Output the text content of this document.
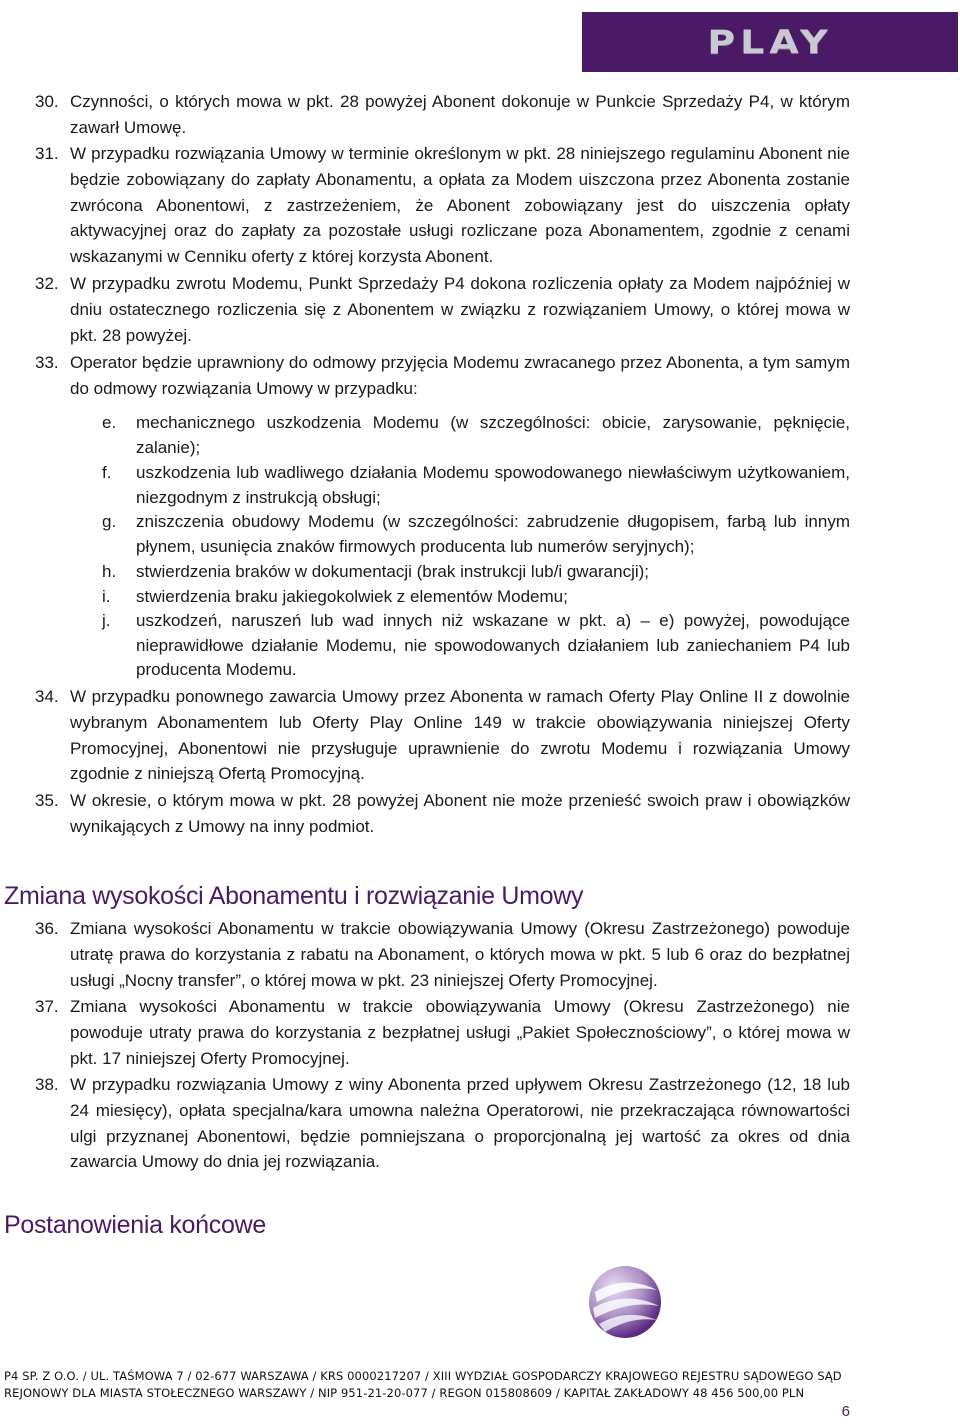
PLAY
30. Czynności, o których mowa w pkt. 28 powyżej Abonent dokonuje w Punkcie Sprzedaży P4, w którym zawarł Umowę.
31. W przypadku rozwiązania Umowy w terminie określonym w pkt. 28 niniejszego regulaminu Abonent nie będzie zobowiązany do zapłaty Abonamentu, a opłata za Modem uiszczona przez Abonenta zostanie zwrócona Abonentowi, z zastrzeżeniem, że Abonent zobowiązany jest do uiszczenia opłaty aktywacyjnej oraz do zapłaty za pozostałe usługi rozliczane poza Abonamentem, zgodnie z cenami wskazanymi w Cenniku oferty z której korzysta Abonent.
32. W przypadku zwrotu Modemu, Punkt Sprzedaży P4 dokona rozliczenia opłaty za Modem najpóźniej w dniu ostatecznego rozliczenia się z Abonentem w związku z rozwiązaniem Umowy, o której mowa w pkt. 28 powyżej.
33. Operator będzie uprawniony do odmowy przyjęcia Modemu zwracanego przez Abonenta, a tym samym do odmowy rozwiązania Umowy w przypadku:
e. mechanicznego uszkodzenia Modemu (w szczególności: obicie, zarysowanie, pęknięcie, zalanie);
f. uszkodzenia lub wadliwego działania Modemu spowodowanego niewłaściwym użytkowaniem, niezgodnym z instrukcją obsługi;
g. zniszczenia obudowy Modemu (w szczególności: zabrudzenie długopisem, farbą lub innym płynem, usunięcia znaków firmowych producenta lub numerów seryjnych);
h. stwierdzenia braków w dokumentacji (brak instrukcji lub/i gwarancji);
i. stwierdzenia braku jakiegokolwiek z elementów Modemu;
j. uszkodzeń, naruszeń lub wad innych niż wskazane w pkt. a) – e) powyżej, powodujące nieprawidłowe działanie Modemu, nie spowodowanych działaniem lub zaniechaniem P4 lub producenta Modemu.
34. W przypadku ponownego zawarcia Umowy przez Abonenta w ramach Oferty Play Online II z dowolnie wybranym Abonamentem lub Oferty Play Online 149 w trakcie obowiązywania niniejszej Oferty Promocyjnej, Abonentowi nie przysługuje uprawnienie do zwrotu Modemu i rozwiązania Umowy zgodnie z niniejszą Ofertą Promocyjną.
35. W okresie, o którym mowa w pkt. 28 powyżej Abonent nie może przenieść swoich praw i obowiązków wynikających z Umowy na inny podmiot.
Zmiana wysokości Abonamentu i rozwiązanie Umowy
36. Zmiana wysokości Abonamentu w trakcie obowiązywania Umowy (Okresu Zastrzeżonego) powoduje utratę prawa do korzystania z rabatu na Abonament, o których mowa w pkt. 5 lub 6 oraz do bezpłatnej usługi „Nocny transfer”, o której mowa w pkt. 23 niniejszej Oferty Promocyjnej.
37. Zmiana wysokości Abonamentu w trakcie obowiązywania Umowy (Okresu Zastrzeżonego) nie powoduje utraty prawa do korzystania z bezpłatnej usługi „Pakiet Społecznościowy”, o której mowa w pkt. 17 niniejszej Oferty Promocyjnej.
38. W przypadku rozwiązania Umowy z winy Abonenta przed upływem Okresu Zastrzeżonego (12, 18 lub 24 miesięcy), opłata specjalna/kara umowna należna Operatorowi, nie przekraczająca równowartości ulgi przyznanej Abonentowi, będzie pomniejszana o proporcjonalną jej wartość za okres od dnia zawarcia Umowy do dnia jej rozwiązania.
Postanowienia końcowe
P4 SP. Z O.O. / UL. TAŚMOWA 7 / 02-677 WARSZAWA / KRS 0000217207 / XIII WYDZIAŁ GOSPODARCZY KRAJOWEGO REJESTRU SĄDOWEGO SĄD
REJONOWY DLA MIASTA STOŁECZNEGO WARSZAWY / NIP 951-21-20-077 / REGON 015808609 / KAPITAŁ ZAKŁADOWY 48 456 500,00 PLN
6
